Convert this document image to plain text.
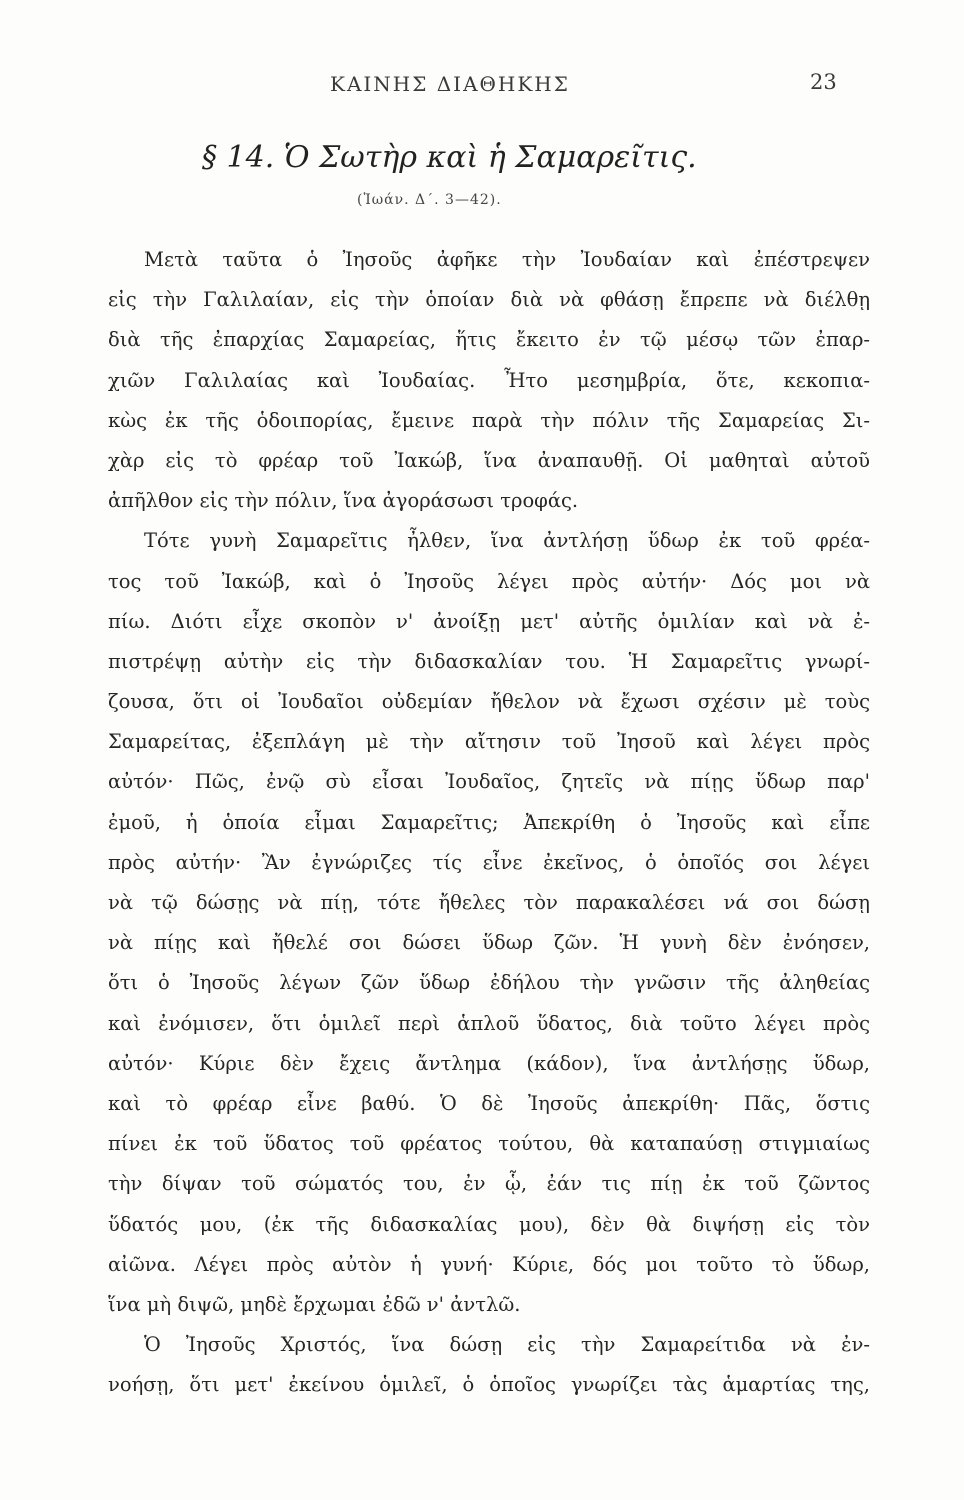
ΚΑΙΝΗΣ ΔΙΑΘΗΚΗΣ	23
§ 14. Ὁ Σωτὴρ καὶ ἡ Σαμαρεῖτις.
(Ἰωάν. Δ΄. 3—42).
Μετὰ ταῦτα ὁ Ἰησοῦς ἀφῆκε τὴν Ἰουδαίαν καὶ ἐπέστρεψεν
εἰς τὴν Γαλιλαίαν, εἰς τὴν ὁποίαν διὰ νὰ φθάσῃ ἔπρεπε νὰ διέλθῃ
διὰ τῆς ἐπαρχίας Σαμαρείας, ἥτις ἔκειτο ἐν τῷ μέσῳ τῶν ἐπαρ-
χιῶν Γαλιλαίας καὶ Ἰουδαίας. Ἦτο μεσημβρία, ὅτε, κεκοπια-
κὼς ἐκ τῆς ὁδοιπορίας, ἔμεινε παρὰ τὴν πόλιν τῆς Σαμαρείας Σι-
χὰρ εἰς τὸ φρέαρ τοῦ Ἰακώβ, ἵνα ἀναπαυθῇ. Οἱ μαθηταὶ αὐτοῦ
ἀπῆλθον εἰς τὴν πόλιν, ἵνα ἀγοράσωσι τροφάς.
Τότε γυνὴ Σαμαρεῖτις ἦλθεν, ἵνα ἀντλήσῃ ὕδωρ ἐκ τοῦ φρέα-
τος τοῦ Ἰακώβ, καὶ ὁ Ἰησοῦς λέγει πρὸς αὐτήν· Δός μοι νὰ
πίω. Διότι εἶχε σκοπὸν ν' ἀνοίξῃ μετ' αὐτῆς ὁμιλίαν καὶ νὰ ἐ-
πιστρέψῃ αὐτὴν εἰς τὴν διδασκαλίαν του. Ἡ Σαμαρεῖτις γνωρί-
ζουσα, ὅτι οἱ Ἰουδαῖοι οὐδεμίαν ἤθελον νὰ ἔχωσι σχέσιν μὲ τοὺς
Σαμαρείτας, ἐξεπλάγη μὲ τὴν αἴτησιν τοῦ Ἰησοῦ καὶ λέγει πρὸς
αὐτόν· Πῶς, ἐνῷ σὺ εἶσαι Ἰουδαῖος, ζητεῖς νὰ πίῃς ὕδωρ παρ'
ἐμοῦ, ἡ ὁποία εἶμαι Σαμαρεῖτις; Ἀπεκρίθη ὁ Ἰησοῦς καὶ εἶπε
πρὸς αὐτήν· Ἂν ἐγνώριζες τίς εἶνε ἐκεῖνος, ὁ ὁποῖός σοι λέγει
νὰ τῷ δώσῃς νὰ πίῃ, τότε ἤθελες τὸν παρακαλέσει νά σοι δώσῃ
νὰ πίῃς καὶ ἤθελέ σοι δώσει ὕδωρ ζῶν. Ἡ γυνὴ δὲν ἐνόησεν,
ὅτι ὁ Ἰησοῦς λέγων ζῶν ὕδωρ ἐδήλου τὴν γνῶσιν τῆς ἀληθείας
καὶ ἐνόμισεν, ὅτι ὁμιλεῖ περὶ ἁπλοῦ ὕδατος, διὰ τοῦτο λέγει πρὸς
αὐτόν· Κύριε δὲν ἔχεις ἄντλημα (κάδον), ἵνα ἀντλήσῃς ὕδωρ,
καὶ τὸ φρέαρ εἶνε βαθύ. Ὁ δὲ Ἰησοῦς ἀπεκρίθη· Πᾶς, ὅστις
πίνει ἐκ τοῦ ὕδατος τοῦ φρέατος τούτου, θὰ καταπαύσῃ στιγμιαίως
τὴν δίψαν τοῦ σώματός του, ἐν ᾧ, ἐάν τις πίῃ ἐκ τοῦ ζῶντος
ὕδατός μου, (ἐκ τῆς διδασκαλίας μου), δὲν θὰ διψήσῃ εἰς τὸν
αἰῶνα. Λέγει πρὸς αὐτὸν ἡ γυνή· Κύριε, δός μοι τοῦτο τὸ ὕδωρ,
ἵνα μὴ διψῶ, μηδὲ ἔρχωμαι ἐδῶ ν' ἀντλῶ.
Ὁ Ἰησοῦς Χριστός, ἵνα δώσῃ εἰς τὴν Σαμαρείτιδα νὰ ἐν-
νοήσῃ, ὅτι μετ' ἐκείνου ὁμιλεῖ, ὁ ὁποῖος γνωρίζει τὰς ἁμαρτίας της,
